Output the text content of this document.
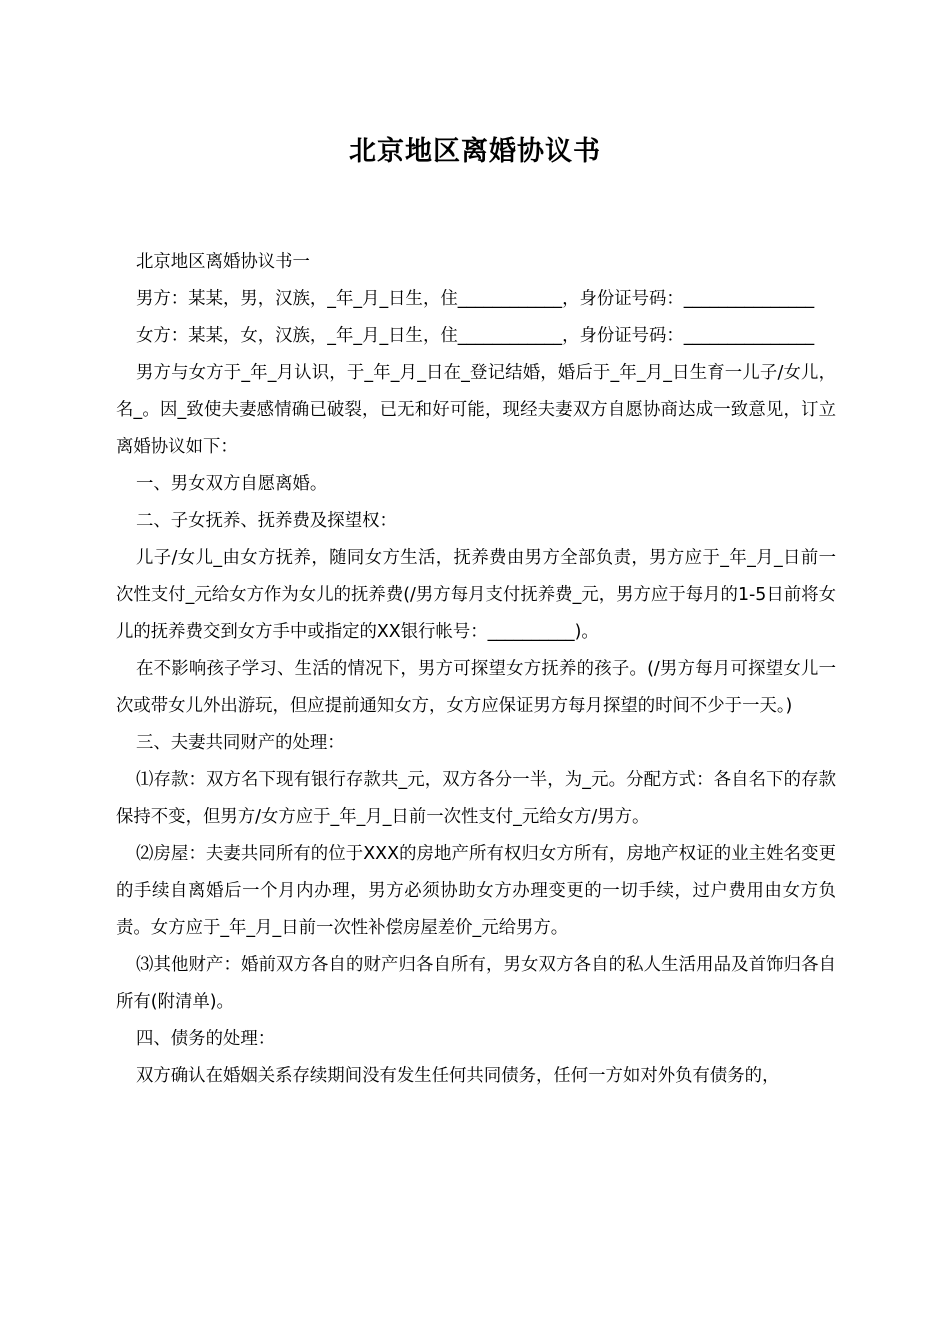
北京地区离婚协议书

北京地区离婚协议书一

男方：某某，男，汉族，_年_月_日生，住____________，身份证号码：_______________

女方：某某，女，汉族，_年_月_日生，住____________，身份证号码：_______________

男方与女方于_年_月认识，于_年_月_日在_登记结婚，婚后于_年_月_日生育一儿子/女儿，名_。因_致使夫妻感情确已破裂，已无和好可能，现经夫妻双方自愿协商达成一致意见，订立离婚协议如下：

一、男女双方自愿离婚。

二、子女抚养、抚养费及探望权：

儿子/女儿_由女方抚养，随同女方生活，抚养费由男方全部负责，男方应于_年_月_日前一次性支付_元给女方作为女儿的抚养费(/男方每月支付抚养费_元，男方应于每月的1-5日前将女儿的抚养费交到女方手中或指定的XX银行帐号：__________)。

在不影响孩子学习、生活的情况下，男方可探望女方抚养的孩子。(/男方每月可探望女儿一次或带女儿外出游玩，但应提前通知女方，女方应保证男方每月探望的时间不少于一天。)

三、夫妻共同财产的处理：

⑴存款：双方名下现有银行存款共_元，双方各分一半，为_元。分配方式：各自名下的存款保持不变，但男方/女方应于_年_月_日前一次性支付_元给女方/男方。

⑵房屋：夫妻共同所有的位于XXX的房地产所有权归女方所有，房地产权证的业主姓名变更的手续自离婚后一个月内办理，男方必须协助女方办理变更的一切手续，过户费用由女方负责。女方应于_年_月_日前一次性补偿房屋差价_元给男方。

⑶其他财产：婚前双方各自的财产归各自所有，男女双方各自的私人生活用品及首饰归各自所有(附清单)。

四、债务的处理：

双方确认在婚姻关系存续期间没有发生任何共同债务，任何一方如对外负有债务的，
